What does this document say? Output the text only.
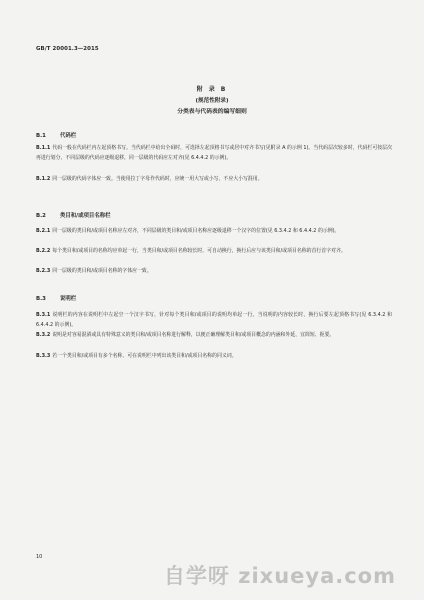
GB/T 20001.3—2015
附 录 B
(规范性附录)
分类表与代码表的编写细则
B.1	代码栏
B.1.1 代码一般在代码栏内左起顶格书写。当代码栏中给出全码时，可选择左起顶格书写或居中对齐书写(见附录 A 的示例 1)。当代码层次较多时，代码栏可按层次再进行划分，不同层级的代码应逐级退移，同一层级的代码应左对齐(见 6.4.4.2 的示例)。
B.1.2 同一层级的代码字体应一致。当使用拉丁字母作代码时，应统一用大写或小写，不应大小写混用。
B.2	类目和/或项目名称栏
B.2.1 同一层级的类目和/或项目名称应左对齐，不同层级的类目和/或项目名称应逐级退移一个汉字的位置(见 6.3.4.2 和 6.4.4.2 的示例)。
B.2.2 每个类目和/或项目的名称均应单起一行，当类目和/或项目名称较长时，可自动换行，换行后应与该类目和/或项目名称的首行首字对齐。
B.2.3 同一层级的类目和/或项目名称的字体应一致。
B.3	说明栏
B.3.1 说明栏的内容在说明栏中左起空一个汉字书写，针对每个类目和/或项目的说明均单起一行，当说明的内容较长时，换行后要左起顶格书写(见 6.3.4.2 和 6.4.4.2 的示例)。
B.3.2 说明是对容易混淆或具有特殊意义的类目和/或项目名称进行解释，以便正确理解类目和/或项目概念的内涵和外延，宜简短、扼要。
B.3.3 若一个类目和/或项目有多个名称，可在说明栏中列出该类目和/或项目名称的同义词。
10
自学呀 zixueya.com
